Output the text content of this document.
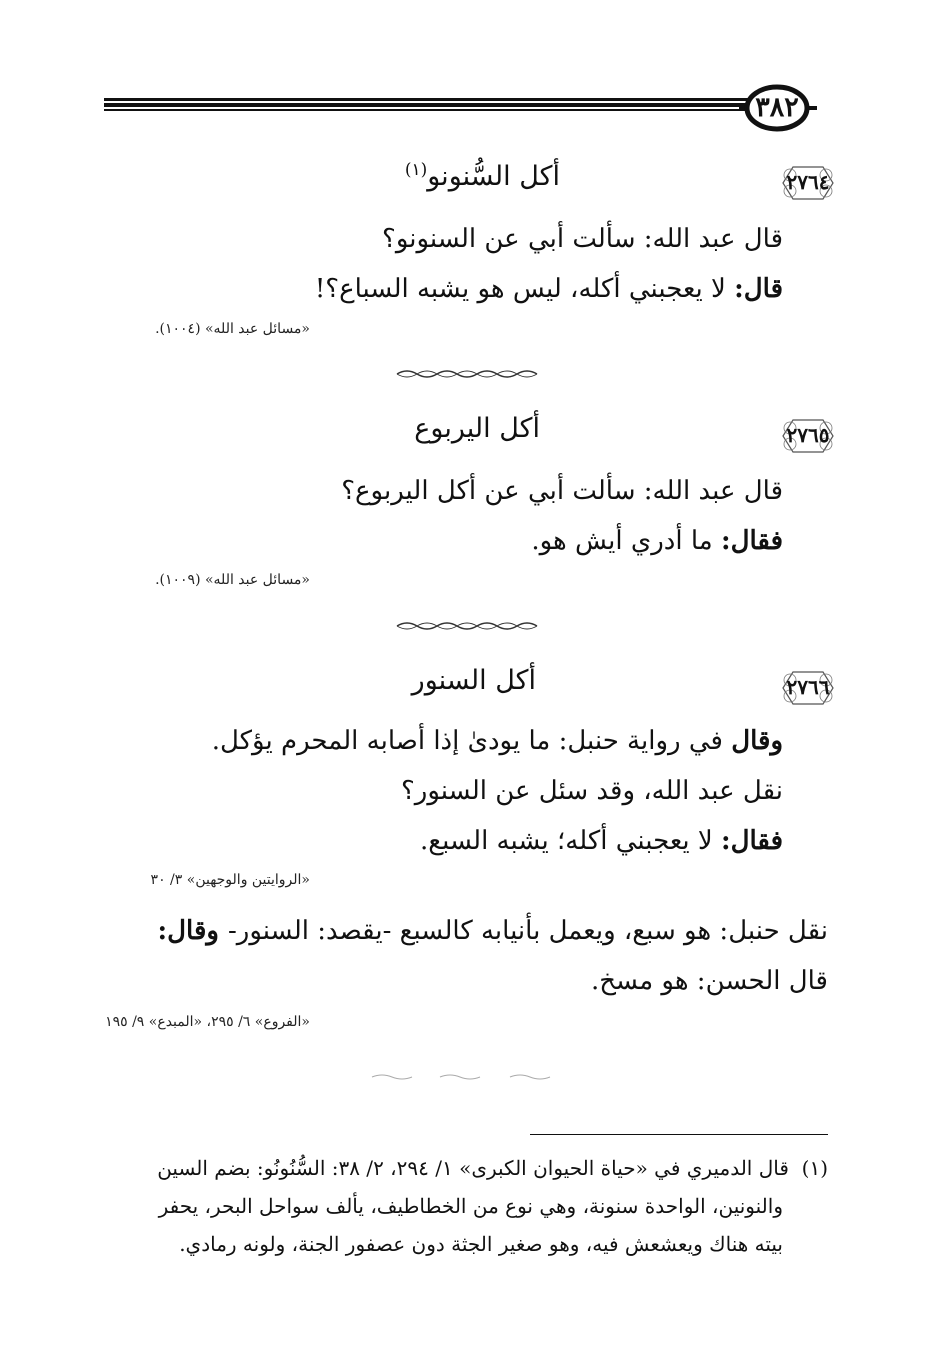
٣٨٢
٢٧٦٤
أكل السُّنونو$^{(١)}$
قال عبد الله: سألت أبي عن السنونو؟
قال: لا يعجبني أكله، ليس هو يشبه السباع؟!
«مسائل عبد الله» (١٠٠٤).
٢٧٦٥
أكل اليربوع
قال عبد الله: سألت أبي عن أكل اليربوع؟
فقال: ما أدري أيش هو.
«مسائل عبد الله» (١٠٠٩).
٢٧٦٦
أكل السنور
وقال في رواية حنبل: ما يودىٰ إذا أصابه المحرم يؤكل.
نقل عبد الله، وقد سئل عن السنور؟
فقال: لا يعجبني أكله؛ يشبه السبع.
«الروايتين والوجهين» ٣/ ٣٠
نقل حنبل: هو سبع، ويعمل بأنيابه كالسبع -يقصد: السنور- وقال:
قال الحسن: هو مسخ.
«الفروع» ٦/ ٢٩٥، «المبدع» ٩/ ١٩٥
(١)  قال الدميري في «حياة الحيوان الكبرى» ١/ ٢٩٤، ٢/ ٣٨: السُّنُونُو: بضم السين
والنونين، الواحدة سنونة، وهي نوع من الخطاطيف، يألف سواحل البحر، يحفر
بيته هناك ويعشعش فيه، وهو صغير الجثة دون عصفور الجنة، ولونه رمادي.
